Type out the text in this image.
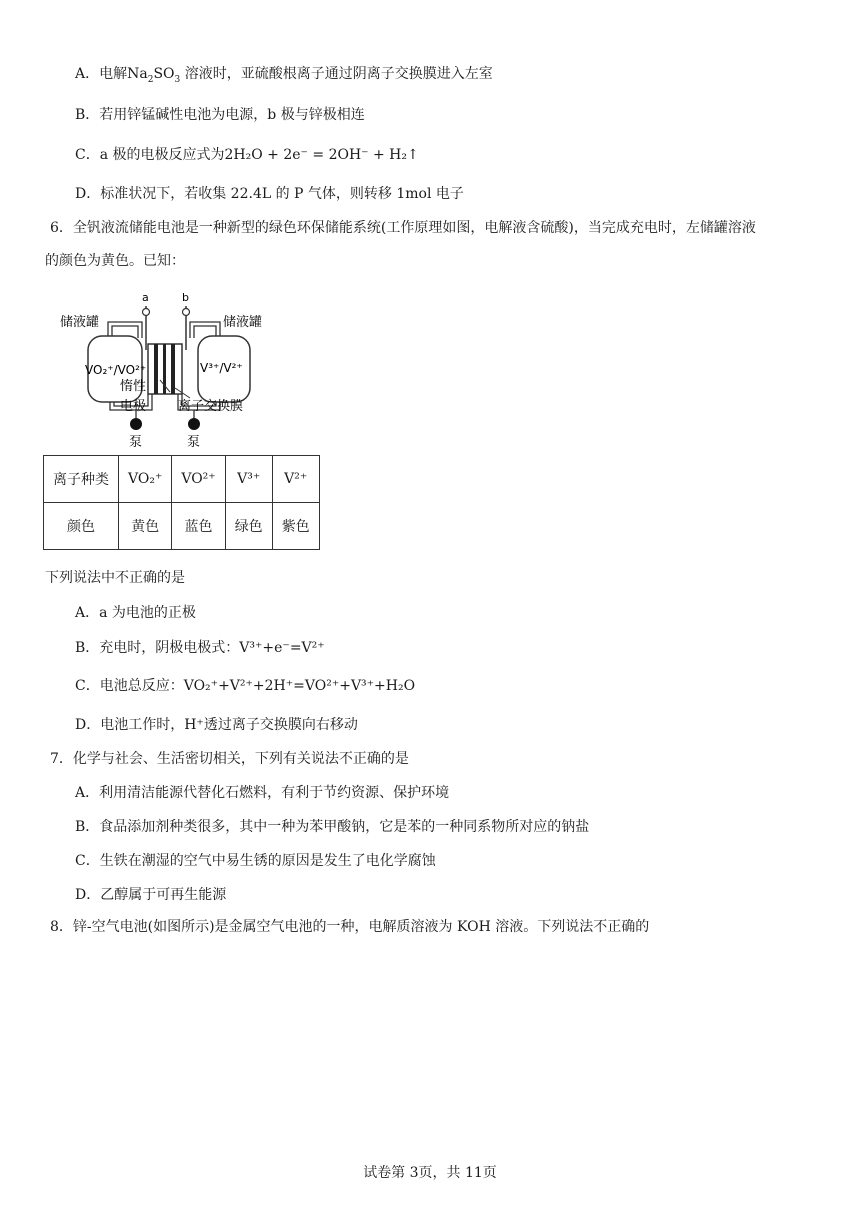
A．电解$Na_2SO_3$ 溶液时，亚硫酸根离子通过阴离子交换膜进入左室
B．若用锌锰碱性电池为电源，b 极与锌极相连
C．a 极的电极反应式为2H₂O + 2e⁻ = 2OH⁻ + H₂↑
D．标准状况下，若收集 22.4L 的 P 气体，则转移 1mol 电子
6．全钒液流储能电池是一种新型的绿色环保储能系统(工作原理如图，电解液含硫酸)，当完成充电时，左储罐溶液
的颜色为黄色。已知：
a	b
储液罐	储液罐
VO₂⁺/VO²⁺	V³⁺/V²⁺
惰性
电极 离子交换膜
泵	泵
离子种类	VO₂⁺	VO²⁺	V³⁺	V²⁺
颜色	黄色	蓝色	绿色	紫色
下列说法中不正确的是
A．a 为电池的正极
B．充电时，阴极电极式：V³⁺+e⁻=V²⁺
C．电池总反应：VO₂⁺+V²⁺+2H⁺=VO²⁺+V³⁺+H₂O
D．电池工作时，H⁺透过离子交换膜向右移动
7．化学与社会、生活密切相关，下列有关说法不正确的是
A．利用清洁能源代替化石燃料，有利于节约资源、保护环境
B．食品添加剂种类很多，其中一种为苯甲酸钠，它是苯的一种同系物所对应的钠盐
C．生铁在潮湿的空气中易生锈的原因是发生了电化学腐蚀
D．乙醇属于可再生能源
8．锌-空气电池(如图所示)是金属空气电池的一种，电解质溶液为 KOH 溶液。下列说法不正确的
试卷第 3页，共 11页
